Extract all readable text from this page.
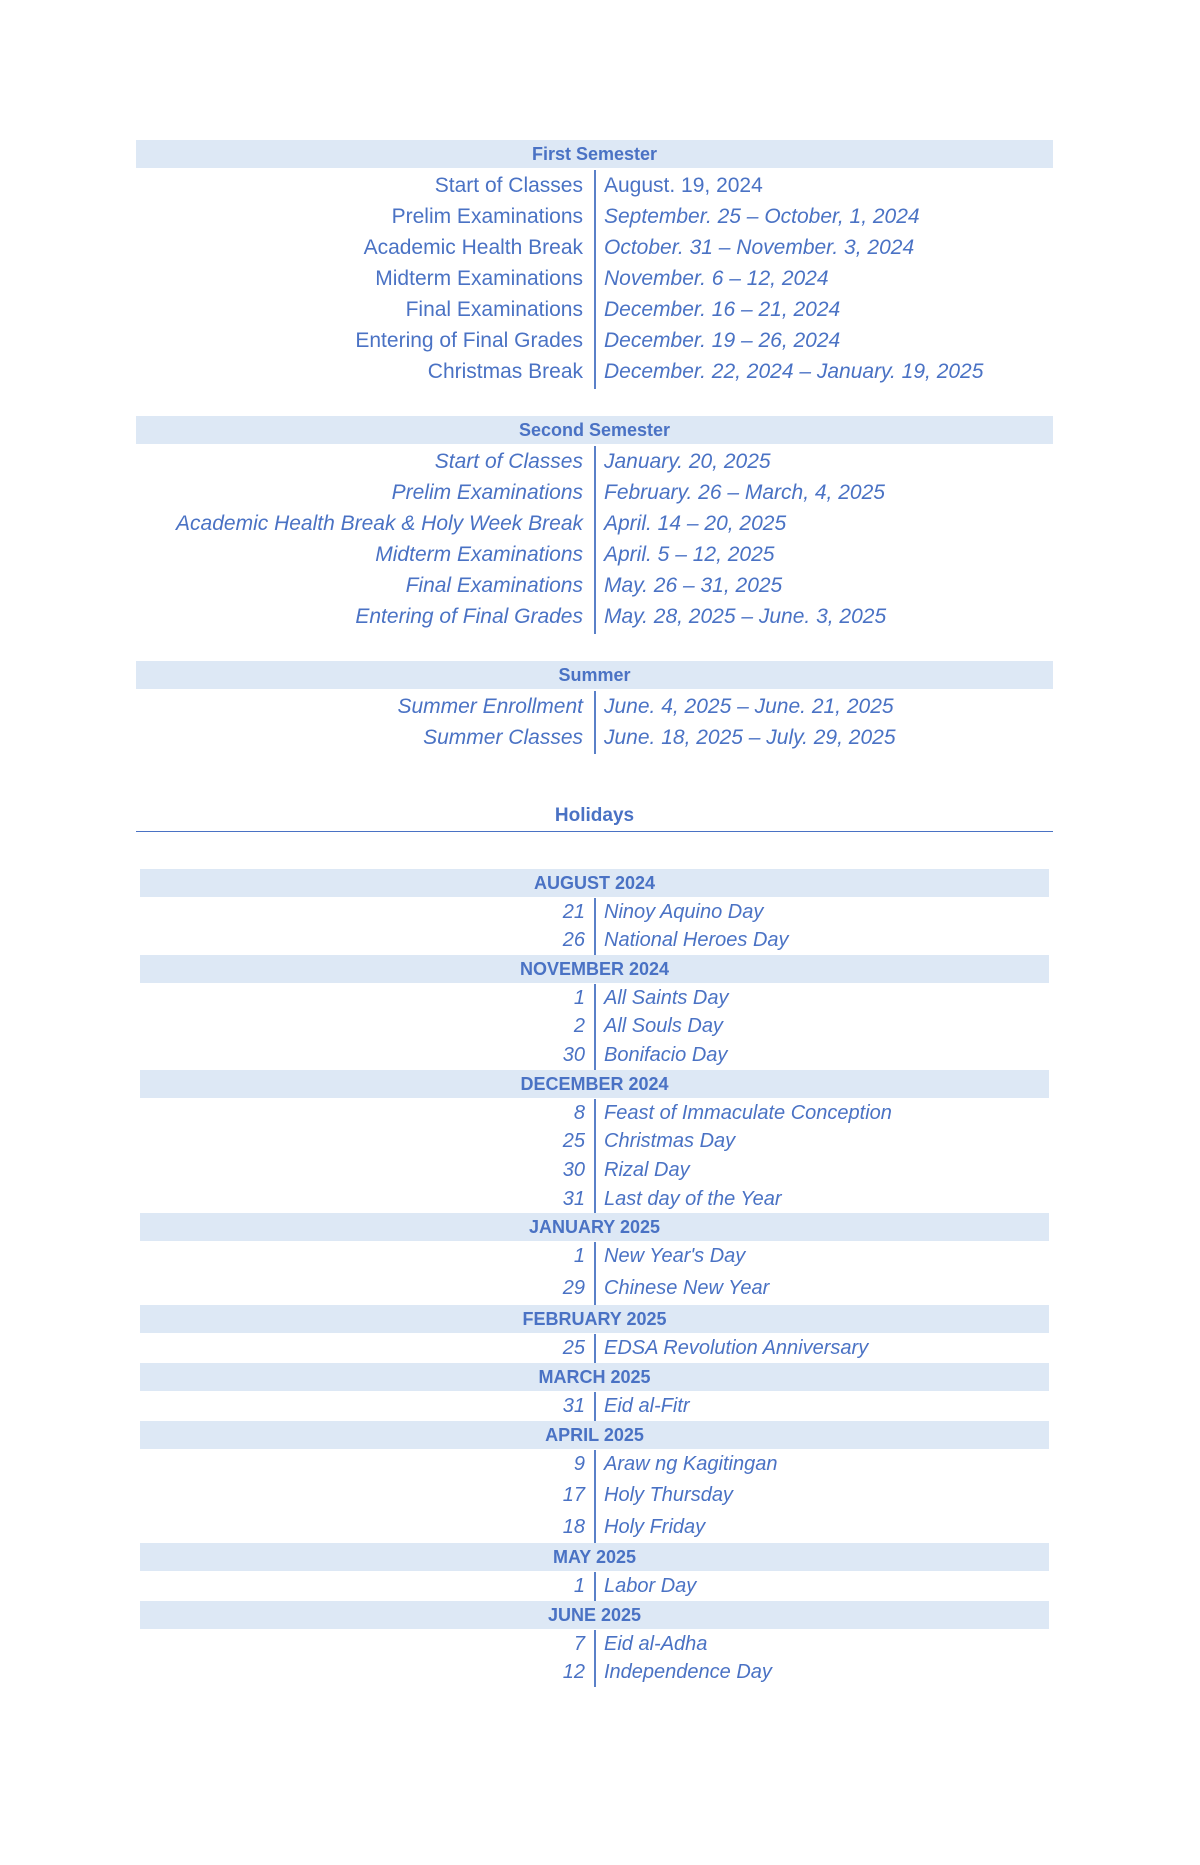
First Semester
Start of Classes August. 19, 2024
Prelim Examinations September. 25 – October, 1, 2024
Academic Health Break October. 31 – November. 3, 2024
Midterm Examinations November. 6 – 12, 2024
Final Examinations December. 16 – 21, 2024
Entering of Final Grades December. 19 – 26, 2024
Christmas Break December. 22, 2024 – January. 19, 2025
Second Semester
Start of Classes January. 20, 2025
Prelim Examinations February. 26 – March, 4, 2025
Academic Health Break & Holy Week Break April. 14 – 20, 2025
Midterm Examinations April. 5 – 12, 2025
Final Examinations May. 26 – 31, 2025
Entering of Final Grades May. 28, 2025 – June. 3, 2025
Summer
Summer Enrollment June. 4, 2025 – June. 21, 2025
Summer Classes June. 18, 2025 – July. 29, 2025
Holidays
AUGUST 2024
21 Ninoy Aquino Day
26 National Heroes Day
NOVEMBER 2024
1 All Saints Day
2 All Souls Day
30 Bonifacio Day
DECEMBER 2024
8 Feast of Immaculate Conception
25 Christmas Day
30 Rizal Day
31 Last day of the Year
JANUARY 2025
1 New Year's Day
29 Chinese New Year
FEBRUARY 2025
25 EDSA Revolution Anniversary
MARCH 2025
31 Eid al-Fitr
APRIL 2025
9 Araw ng Kagitingan
17 Holy Thursday
18 Holy Friday
MAY 2025
1 Labor Day
JUNE 2025
7 Eid al-Adha
12 Independence Day
